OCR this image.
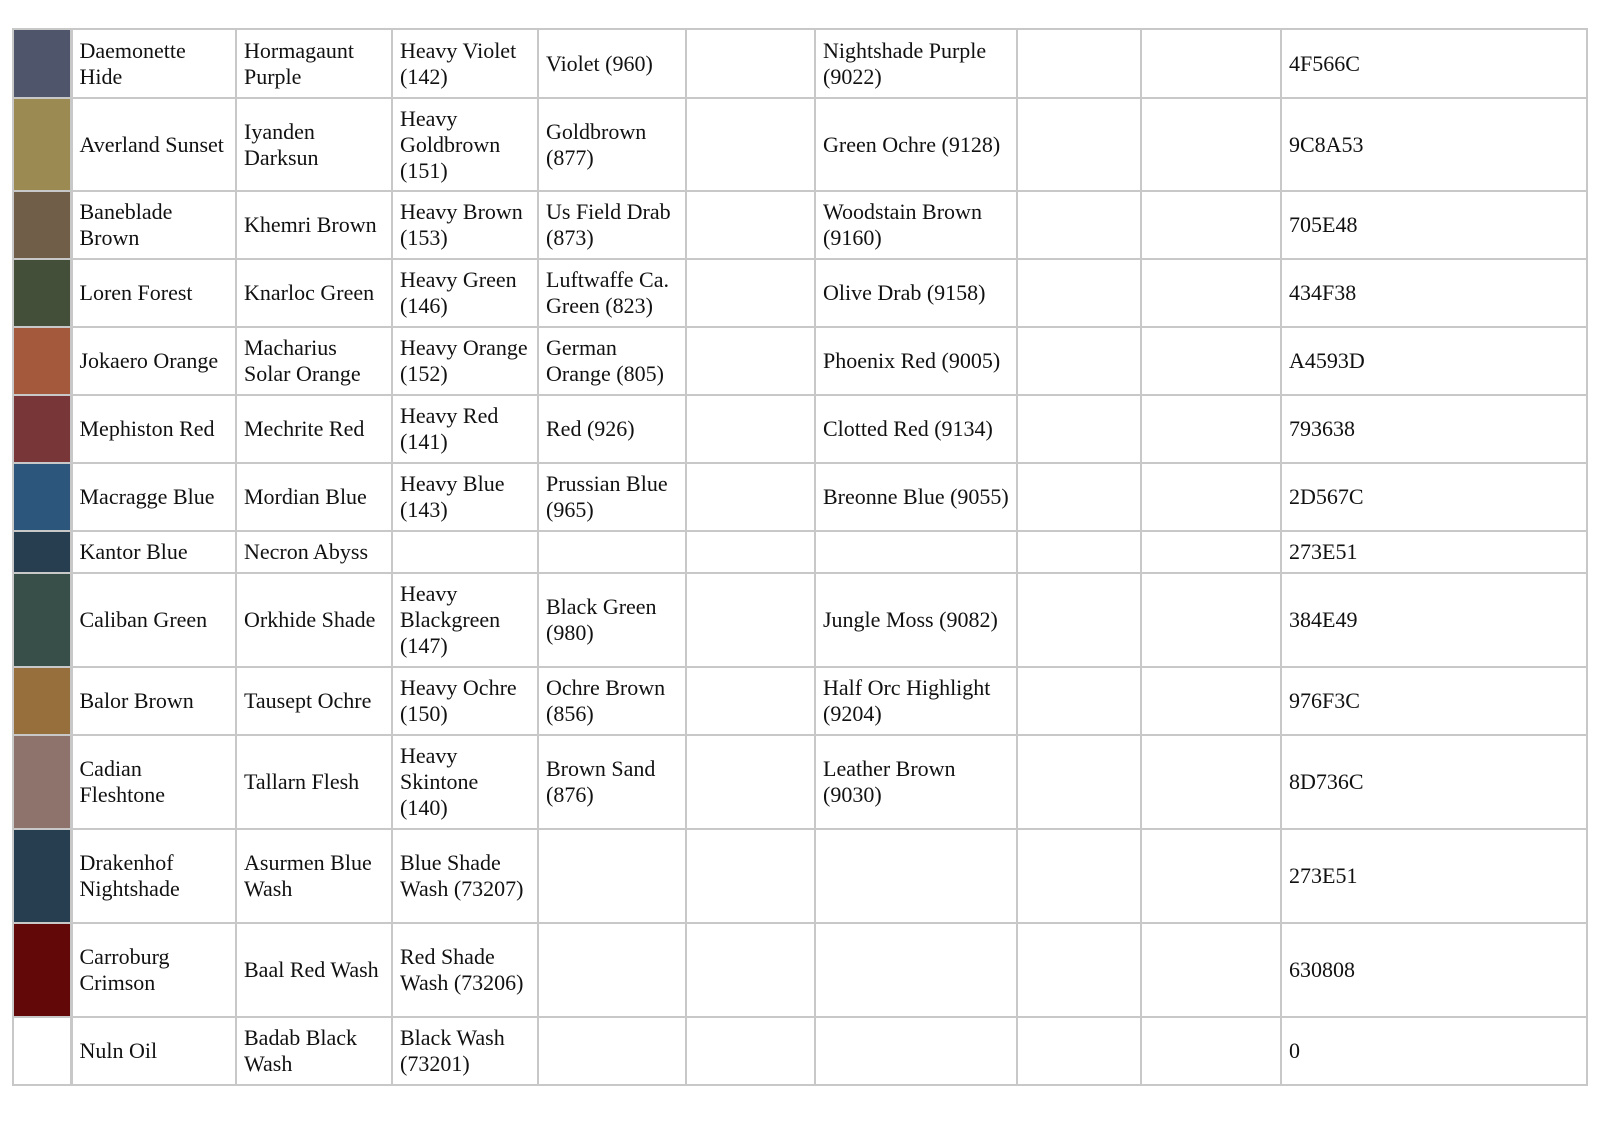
	Daemonette Hide	Hormagaunt Purple	Heavy Violet (142)	Violet (960)		Nightshade Purple (9022)			4F566C

	Averland Sunset	Iyanden Darksun	Heavy Goldbrown (151)	Goldbrown (877)		Green Ochre (9128)			9C8A53

	Baneblade Brown	Khemri Brown	Heavy Brown (153)	Us Field Drab (873)		Woodstain Brown (9160)			705E48

	Loren Forest	Knarloc Green	Heavy Green (146)	Luftwaffe Ca. Green (823)		Olive Drab (9158)			434F38

	Jokaero Orange	Macharius Solar Orange	Heavy Orange (152)	German Orange (805)		Phoenix Red (9005)			A4593D

	Mephiston Red	Mechrite Red	Heavy Red (141)	Red (926)		Clotted Red (9134)			793638

	Macragge Blue	Mordian Blue	Heavy Blue (143)	Prussian Blue (965)		Breonne Blue (9055)			2D567C

	Kantor Blue	Necron Abyss							273E51

	Caliban Green	Orkhide Shade	Heavy Blackgreen (147)	Black Green (980)		Jungle Moss (9082)			384E49

	Balor Brown	Tausept Ochre	Heavy Ochre (150)	Ochre Brown (856)		Half Orc Highlight (9204)			976F3C

	Cadian Fleshtone	Tallarn Flesh	Heavy Skintone (140)	Brown Sand (876)		Leather Brown (9030)			8D736C

	Drakenhof Nightshade	Asurmen Blue Wash	Blue Shade Wash (73207)						273E51

	Carroburg Crimson	Baal Red Wash	Red Shade Wash (73206)						630808

	Nuln Oil	Badab Black Wash	Black Wash (73201)						0
